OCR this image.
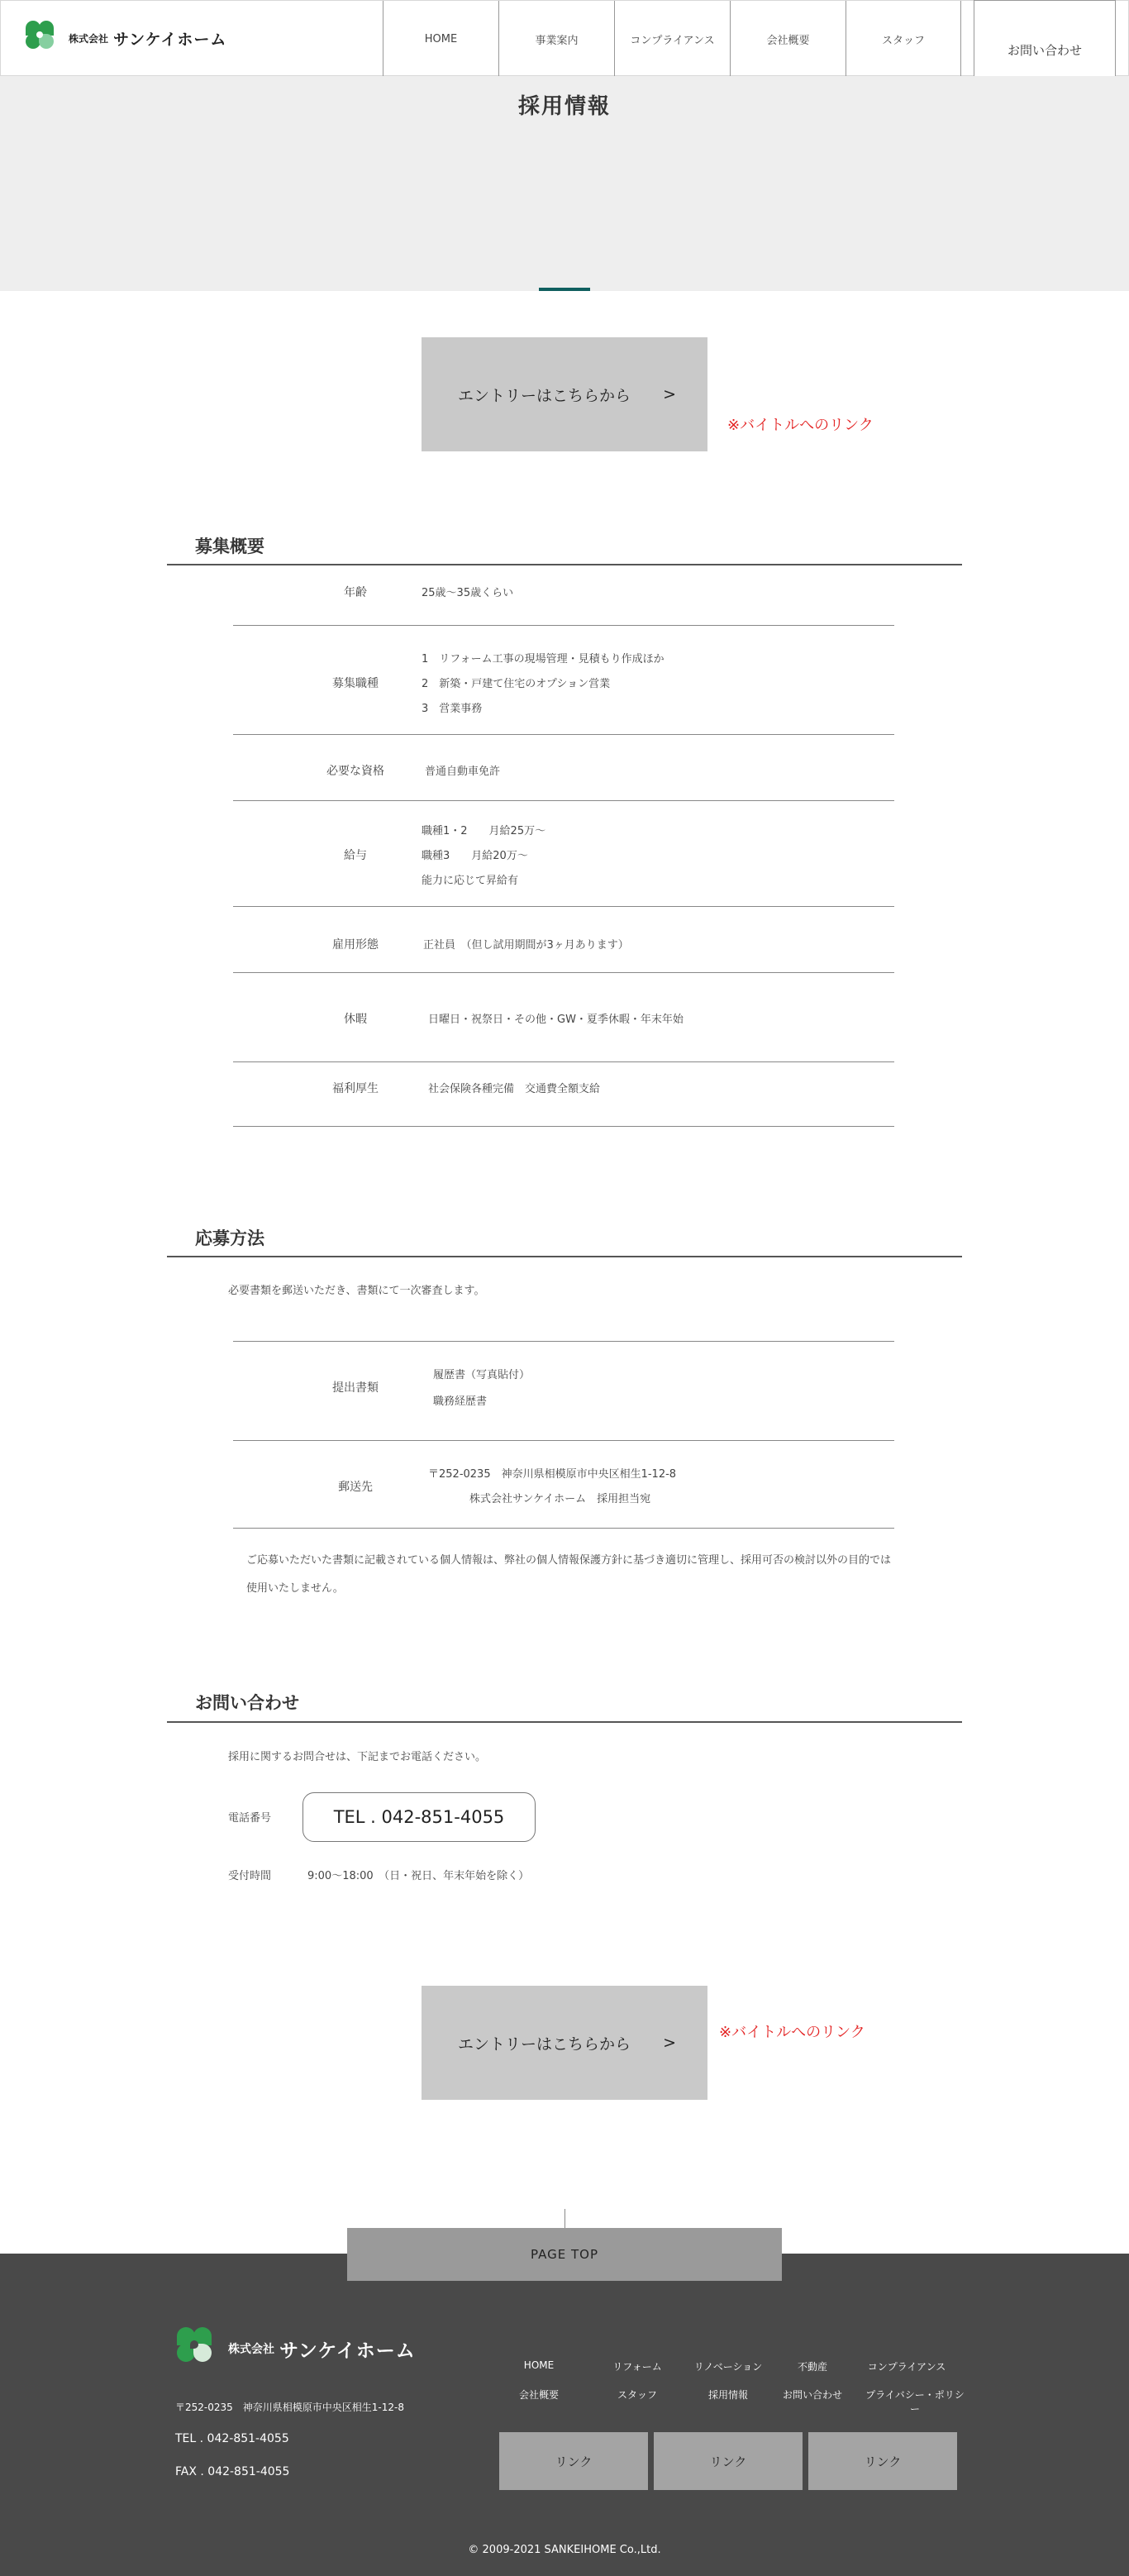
株式会社 サンケイホーム	HOME	事業案内	コンプライアンス	会社概要	スタッフ
お問い合わせ
採用情報
エントリーはこちらから >
※バイトルへのリンク
募集概要
年齢	25歳～35歳くらい
募集職種
1　リフォーム工事の現場管理・見積もり作成ほか
2　新築・戸建て住宅のオプション営業
3　営業事務
必要な資格	普通自動車免許
給与
職種1・2　　月給25万～
職種3　　月給20万～
能力に応じて昇給有
雇用形態	正社員　（但し試用期間が3ヶ月あります）
休暇	日曜日・祝祭日・その他・GW・夏季休暇・年末年始
福利厚生	社会保険各種完備　交通費全額支給
応募方法
必要書類を郵送いただき、書類にて一次審査します。
提出書類
履歴書（写真貼付）
職務経歴書
郵送先
〒252-0235　神奈川県相模原市中央区相生1-12-8
株式会社サンケイホーム　採用担当宛
ご応募いただいた書類に記載されている個人情報は、弊社の個人情報保護方針に基づき適切に管理し、採用可否の検討以外の目的では
使用いたしません。
お問い合わせ
採用に関するお問合せは、下記までお電話ください。
電話番号	TEL . 042-851-4055
受付時間	9:00～18:00　（日・祝日、年末年始を除く）
エントリーはこちらから >
※バイトルへのリンク
PAGE TOP
株式会社 サンケイホーム
〒252-0235　神奈川県相模原市中央区相生1-12-8
TEL . 042-851-4055
FAX . 042-851-4055
HOME	リフォーム	リノベーション	不動産	コンプライアンス
会社概要	スタッフ	採用情報	お問い合わせ	プライバシー・ポリシー
リンク	リンク	リンク
© 2009-2021 SANKEIHOME Co.,Ltd.
